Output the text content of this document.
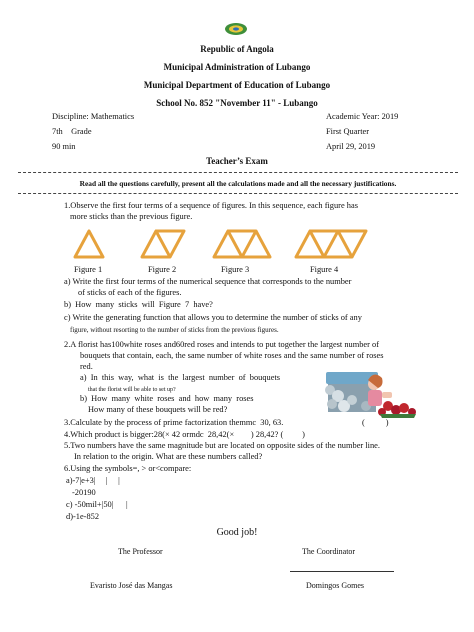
Republic of Angola
Municipal Administration of Lubango
Municipal Department of Education of Lubango
School No. 852 "November 11" - Lubango
Discipline: Mathematics	Academic Year: 2019
7th    Grade	First Quarter
90 min	April 29, 2019
Teacher’s Exam
Read all the questions carefully, present all the calculations made and all the necessary justifications.
1.Observe the first four terms of a sequence of figures. In this sequence, each figure has
more sticks than the previous figure.
Figure 1	Figure 2	Figure 3	Figure 4
a) Write the first four terms of the numerical sequence that corresponds to the number
of sticks of each of the figures.
b)  How  many  sticks  will  Figure  7  have?
c) Write the generating function that allows you to determine the number of sticks of any
figure, without resorting to the number of sticks from the previous figures.
2.A florist has100white roses and60red roses and intends to put together the largest number of
bouquets that contain, each, the same number of white roses and the same number of roses
red.
a)  In  this  way,  what  is  the  largest  number  of  bouquets
that the florist will be able to set up?
b)  How  many  white  roses  and  how  many  roses
How many of these bouquets will be red?
3.Calculate by the process of prime factorization themmc  30, 63.	(          )
4.Which product is bigger:28(× 42 ormdc  28,42(×        ) 28,42? (         )
5.Two numbers have the same magnitude but are located on opposite sides of the number line.
In relation to the origin. What are these numbers called?
6.Using the symbols=, > or<compare:
a)-7|e+3|     |     |
-20190
c) -50mil+|50|      |
d)-1e-852
Good job!
The Professor	The Coordinator
Evaristo José das Mangas	Domingos Gomes
